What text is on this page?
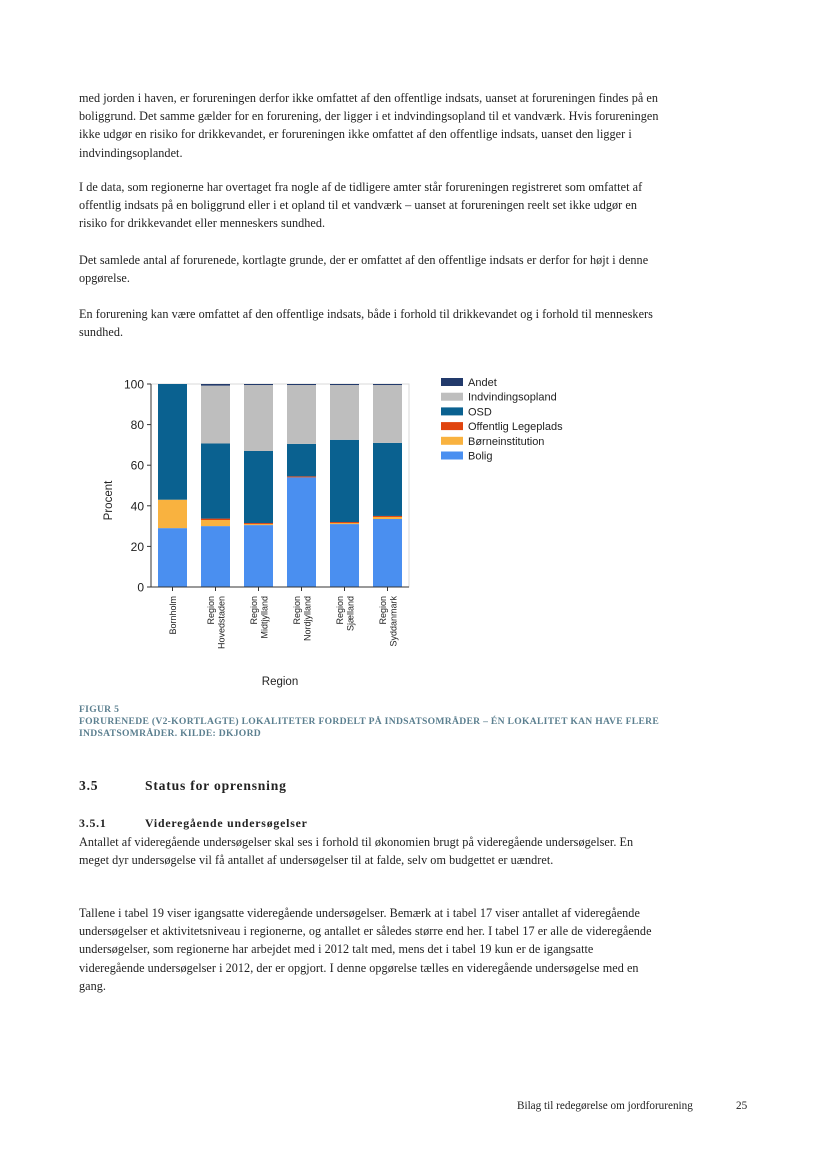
med jorden i haven, er forureningen derfor ikke omfattet af den offentlige indsats, uanset at forureningen findes på en boliggrund. Det samme gælder for en forurening, der ligger i et indvindingsopland til et vandværk. Hvis forureningen ikke udgør en risiko for drikkevandet, er forureningen ikke omfattet af den offentlige indsats, uanset den ligger i indvindingsoplandet.

I de data, som regionerne har overtaget fra nogle af de tidligere amter står forureningen registreret som omfattet af offentlig indsats på en boliggrund eller i et opland til et vandværk – uanset at forureningen reelt set ikke udgør en risiko for drikkevandet eller menneskers sundhed.

Det samlede antal af forurenede, kortlagte grunde, der er omfattet af den offentlige indsats er derfor for højt i denne opgørelse.

En forurening kan være omfattet af den offentlige indsats, både i forhold til drikkevandet og i forhold til menneskers sundhed.

Bornholm	Region Hovedstaden	Region Midtjylland	Region Nordjylland	Region Sjælland	Region Syddanmark
0
20
40
60
80
100
Procent
Region
Andet
Indvindingsopland
OSD
Offentlig Legeplads
Børneinstitution
Bolig
FIGUR 5
FORURENEDE (V2-KORTLAGTE) LOKALITETER FORDELT PÅ INDSATSOMRÅDER – ÉN LOKALITET KAN HAVE FLERE INDSATSOMRÅDER. KILDE: DKJORD
3.5	Status for oprensning
3.5.1	Videregående undersøgelser

Antallet af videregående undersøgelser skal ses i forhold til økonomien brugt på videregående undersøgelser. En meget dyr undersøgelse vil få antallet af undersøgelser til at falde, selv om budgettet er uændret.

Tallene i tabel 19 viser igangsatte videregående undersøgelser. Bemærk at i tabel 17 viser antallet af videregående undersøgelser et aktivitetsniveau i regionerne, og antallet er således større end her. I tabel 17 er alle de videregående undersøgelser, som regionerne har arbejdet med i 2012 talt med, mens det i tabel 19 kun er de igangsatte videregående undersøgelser i 2012, der er opgjort. I denne opgørelse tælles en videregående undersøgelse med en gang.

Bilag til redegørelse om jordforurening	25
